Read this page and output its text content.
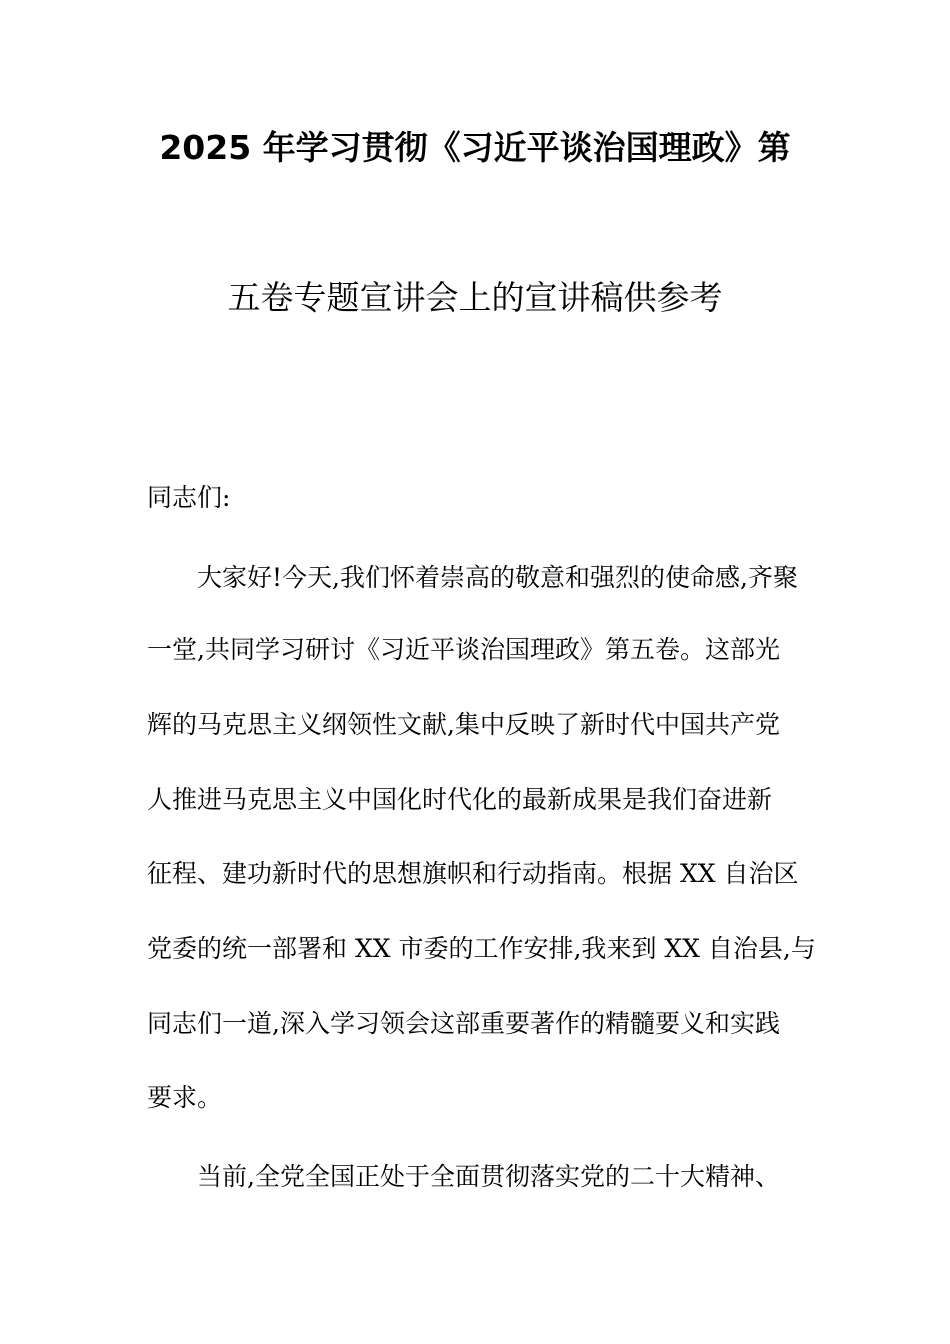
2025 年学习贯彻《习近平谈治国理政》第
五卷专题宣讲会上的宣讲稿供参考
同志们:
大家好!今天,我们怀着崇高的敬意和强烈的使命感,齐聚
一堂,共同学习研讨《习近平谈治国理政》第五卷。这部光
辉的马克思主义纲领性文献,集中反映了新时代中国共产党
人推进马克思主义中国化时代化的最新成果是我们奋进新
征程、建功新时代的思想旗帜和行动指南。根据 XX 自治区
党委的统一部署和 XX 市委的工作安排,我来到 XX 自治县,与
同志们一道,深入学习领会这部重要著作的精髓要义和实践
要求。
当前,全党全国正处于全面贯彻落实党的二十大精神、
